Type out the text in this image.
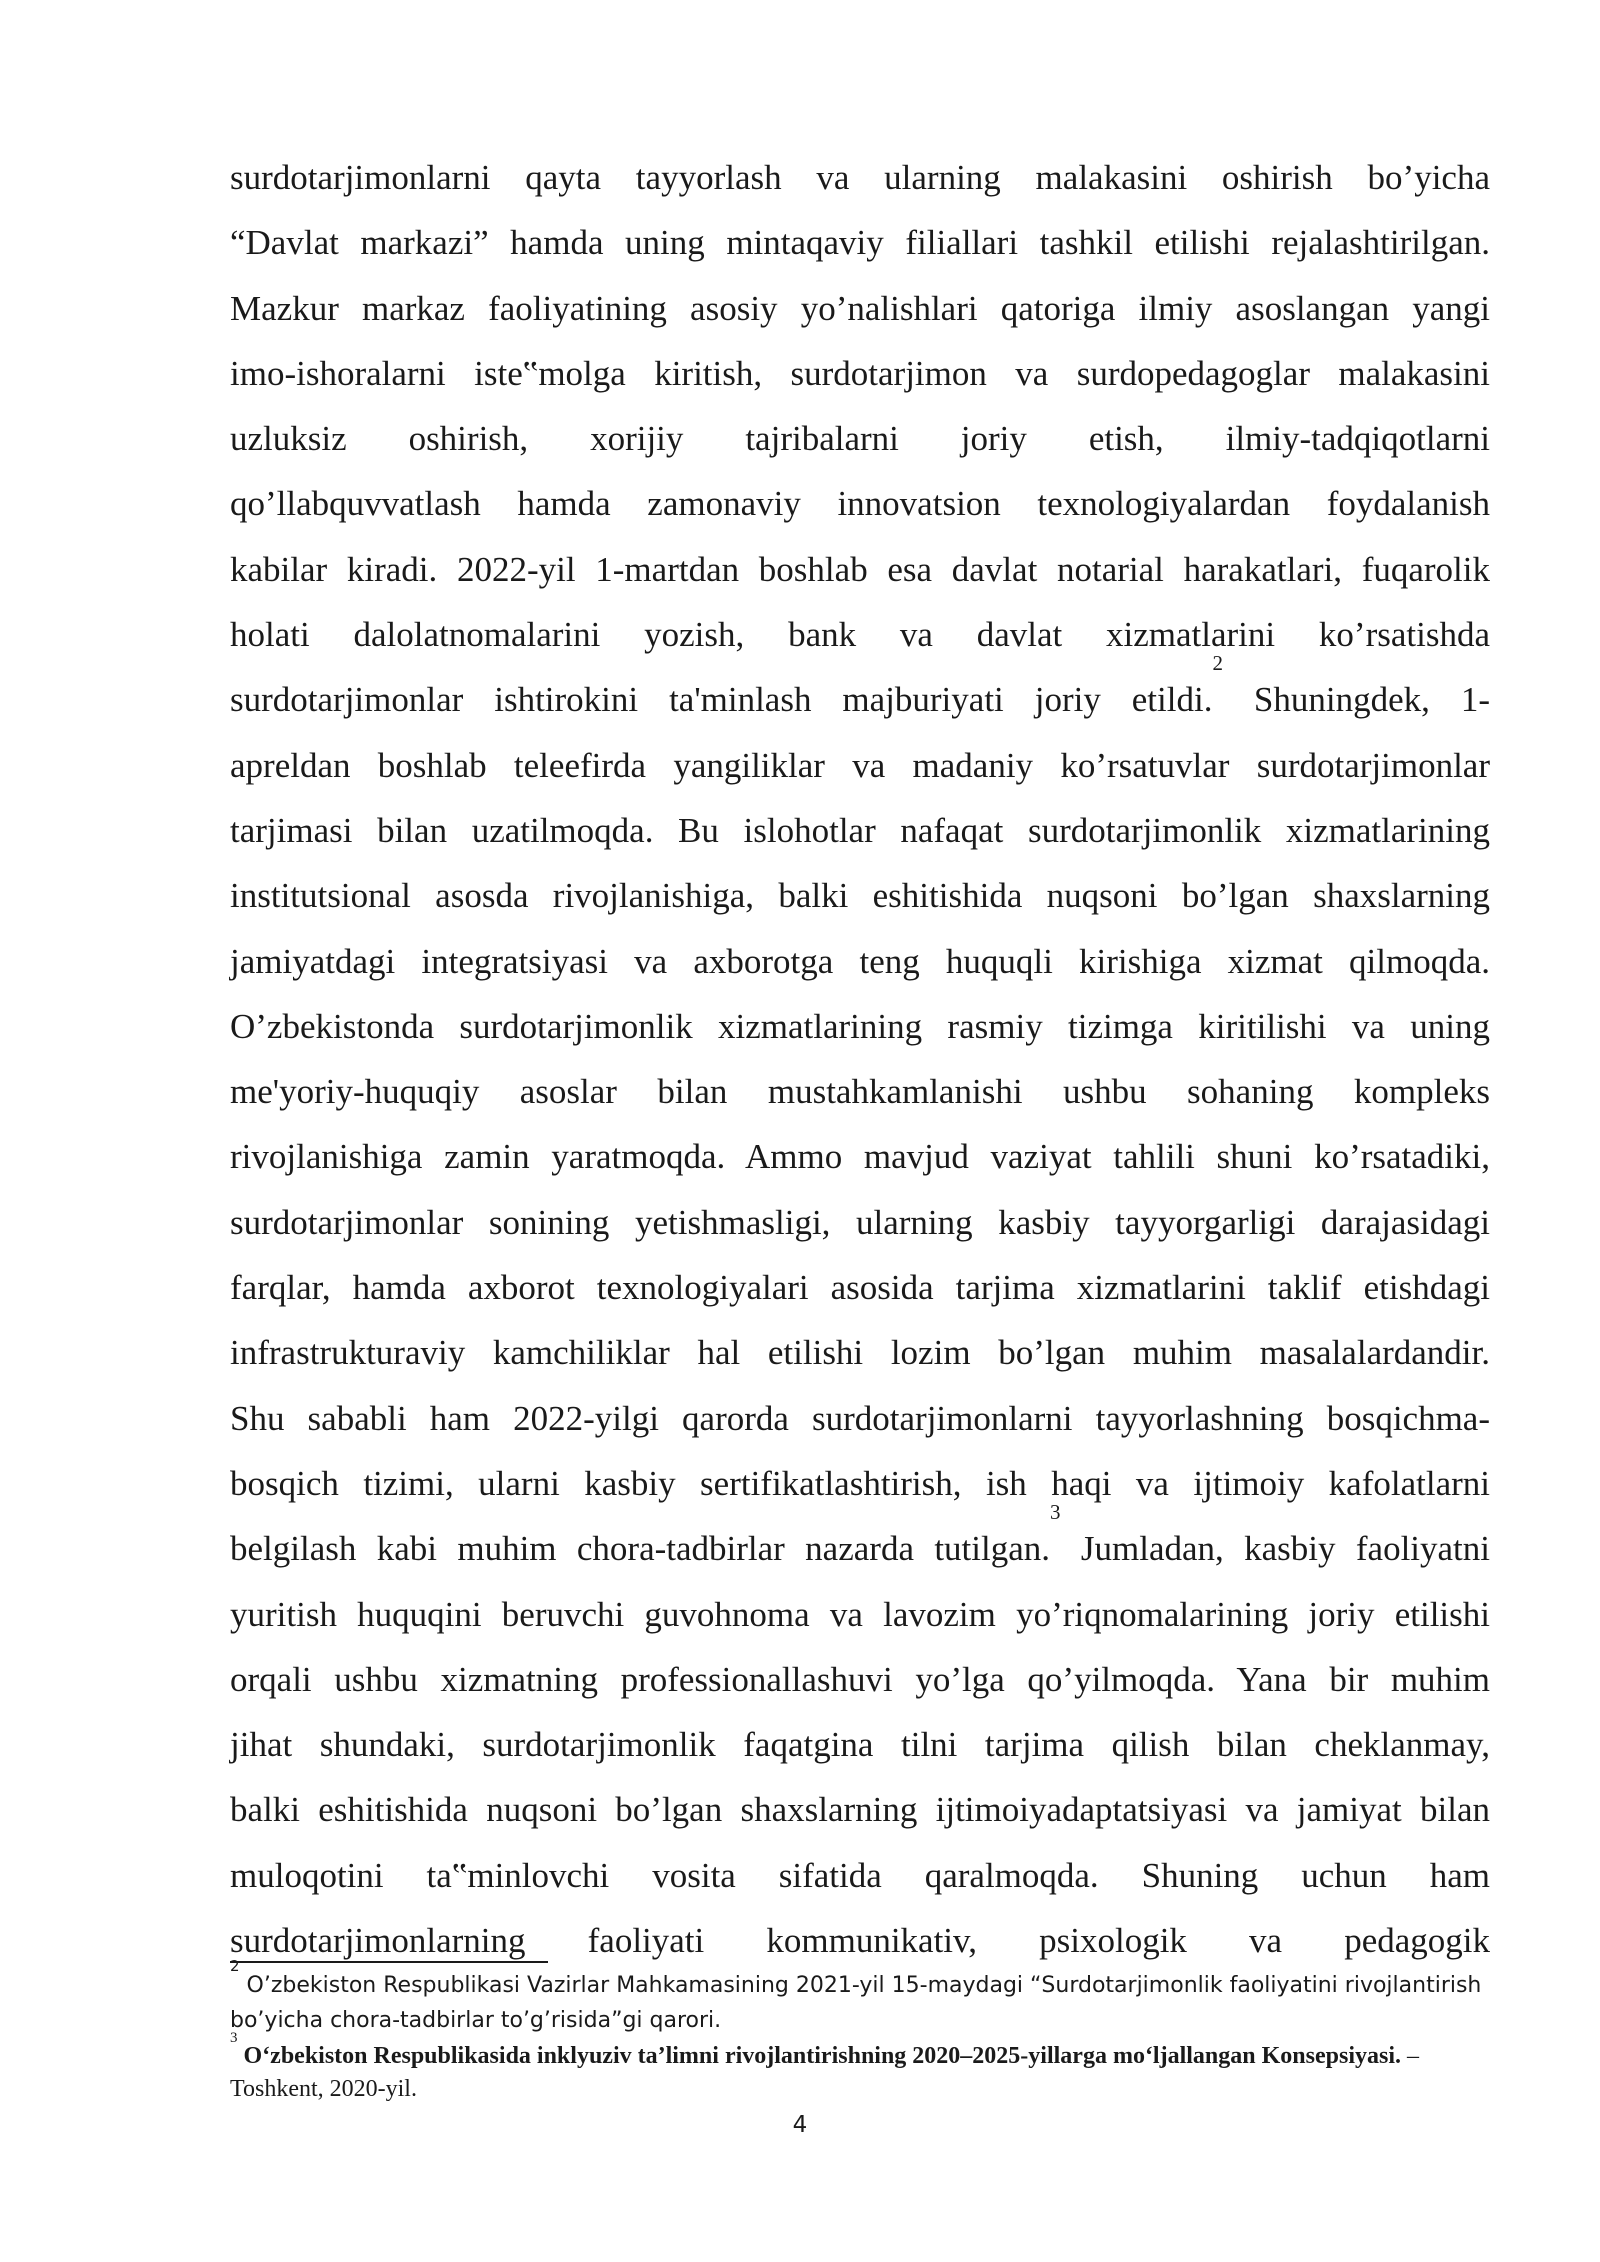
surdotarjimonlarni qayta tayyorlash va ularning malakasini oshirish bo’yicha
“Davlat markazi” hamda uning mintaqaviy filiallari tashkil etilishi rejalashtirilgan.
Mazkur markaz faoliyatining asosiy yo’nalishlari qatoriga ilmiy asoslangan yangi
imo-ishoralarni iste‟molga kiritish, surdotarjimon va surdopedagoglar malakasini
uzluksiz oshirish, xorijiy tajribalarni joriy etish, ilmiy-tadqiqotlarni
qo’llabquvvatlash hamda zamonaviy innovatsion texnologiyalardan foydalanish
kabilar kiradi. 2022-yil 1-martdan boshlab esa davlat notarial harakatlari, fuqarolik
holati dalolatnomalarini yozish, bank va davlat xizmatlarini ko’rsatishda
surdotarjimonlar ishtirokini ta'minlash majburiyati joriy etildi.$^2$ Shuningdek, 1-
apreldan boshlab teleefirda yangiliklar va madaniy ko’rsatuvlar surdotarjimonlar
tarjimasi bilan uzatilmoqda. Bu islohotlar nafaqat surdotarjimonlik xizmatlarining
institutsional asosda rivojlanishiga, balki eshitishida nuqsoni bo’lgan shaxslarning
jamiyatdagi integratsiyasi va axborotga teng huquqli kirishiga xizmat qilmoqda.
O’zbekistonda surdotarjimonlik xizmatlarining rasmiy tizimga kiritilishi va uning
me'yoriy-huquqiy asoslar bilan mustahkamlanishi ushbu sohaning kompleks
rivojlanishiga zamin yaratmoqda. Ammo mavjud vaziyat tahlili shuni ko’rsatadiki,
surdotarjimonlar sonining yetishmasligi, ularning kasbiy tayyorgarligi darajasidagi
farqlar, hamda axborot texnologiyalari asosida tarjima xizmatlarini taklif etishdagi
infrastrukturaviy kamchiliklar hal etilishi lozim bo’lgan muhim masalalardandir.
Shu sababli ham 2022-yilgi qarorda surdotarjimonlarni tayyorlashning bosqichma-
bosqich tizimi, ularni kasbiy sertifikatlashtirish, ish haqi va ijtimoiy kafolatlarni
belgilash kabi muhim chora-tadbirlar nazarda tutilgan.$^3$ Jumladan, kasbiy faoliyatni
yuritish huquqini beruvchi guvohnoma va lavozim yo’riqnomalarining joriy etilishi
orqali ushbu xizmatning professionallashuvi yo’lga qo’yilmoqda. Yana bir muhim
jihat shundaki, surdotarjimonlik faqatgina tilni tarjima qilish bilan cheklanmay,
balki eshitishida nuqsoni bo’lgan shaxslarning ijtimoiyadaptatsiyasi va jamiyat bilan
muloqotini ta‟minlovchi vosita sifatida qaralmoqda. Shuning uchun ham
surdotarjimonlarning faoliyati kommunikativ, psixologik va pedagogik

$^2$ O’zbekiston Respublikasi Vazirlar Mahkamasining 2021-yil 15-maydagi “Surdotarjimonlik faoliyatini rivojlantirish bo’yicha chora-tadbirlar to’g’risida”gi qarori.

$^3$ O‘zbekiston Respublikasida inklyuziv ta’limni rivojlantirishning 2020–2025-yillarga mo‘ljallangan Konsepsiyasi. – Toshkent, 2020-yil.

4
